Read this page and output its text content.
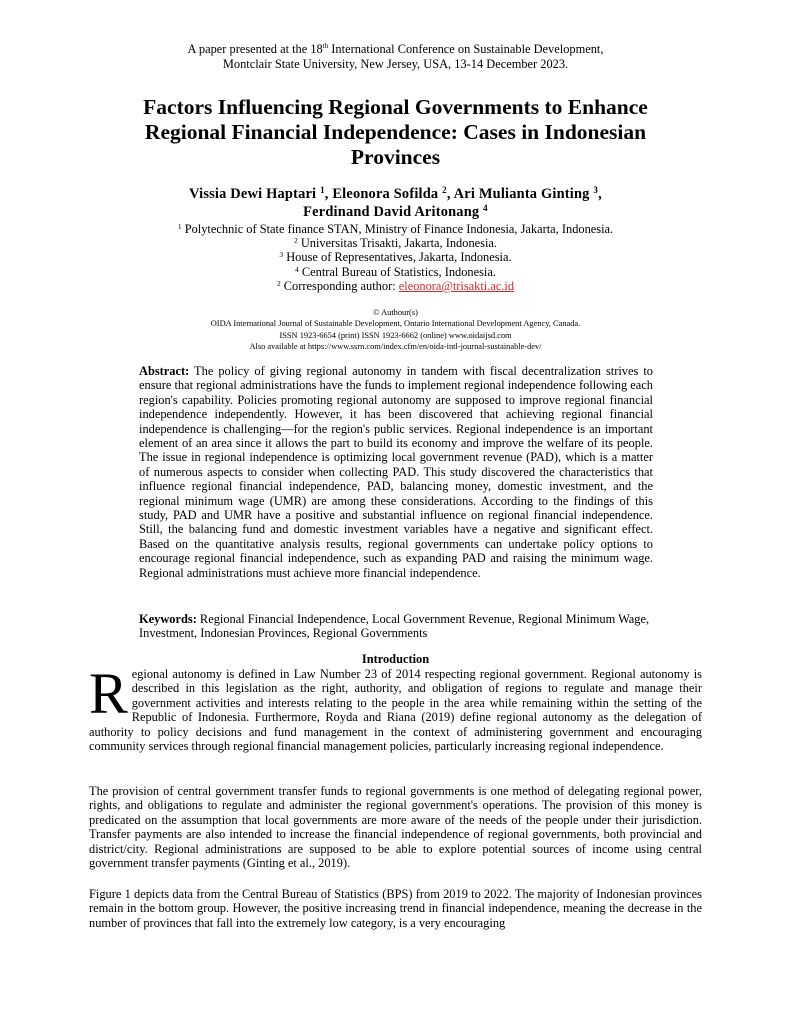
A paper presented at the 18th International Conference on Sustainable Development,
Montclair State University, New Jersey, USA, 13-14 December 2023.
Factors Influencing Regional Governments to Enhance Regional Financial Independence: Cases in Indonesian Provinces
Vissia Dewi Haptari $^1$, Eleonora Sofilda $^2$, Ari Mulianta Ginting $^3$,
Ferdinand David Aritonang $^4$
$^1$ Polytechnic of State finance STAN, Ministry of Finance Indonesia, Jakarta, Indonesia.
$^2$ Universitas Trisakti, Jakarta, Indonesia.
$^3$ House of Representatives, Jakarta, Indonesia.
$^4$ Central Bureau of Statistics, Indonesia.
$^2$ Corresponding author: eleonora@trisakti.ac.id
© Authour(s)
OIDA International Journal of Sustainable Development, Ontario International Development Agency, Canada.
ISSN 1923-6654 (print) ISSN 1923-6662 (online) www.oidaijsd.com
Also available at https://www.ssrn.com/index.cfm/en/oida-intl-journal-sustainable-dev/
Abstract: The policy of giving regional autonomy in tandem with fiscal decentralization strives to ensure that regional administrations have the funds to implement regional independence following each region's capability. Policies promoting regional autonomy are supposed to improve regional financial independence independently. However, it has been discovered that achieving regional financial independence is challenging—for the region's public services. Regional independence is an important element of an area since it allows the part to build its economy and improve the welfare of its people. The issue in regional independence is optimizing local government revenue (PAD), which is a matter of numerous aspects to consider when collecting PAD. This study discovered the characteristics that influence regional financial independence, PAD, balancing money, domestic investment, and the regional minimum wage (UMR) are among these considerations. According to the findings of this study, PAD and UMR have a positive and substantial influence on regional financial independence. Still, the balancing fund and domestic investment variables have a negative and significant effect. Based on the quantitative analysis results, regional governments can undertake policy options to encourage regional financial independence, such as expanding PAD and raising the minimum wage. Regional administrations must achieve more financial independence.
Keywords: Regional Financial Independence, Local Government Revenue, Regional Minimum Wage, Investment, Indonesian Provinces, Regional Governments
Introduction
Regional autonomy is defined in Law Number 23 of 2014 respecting regional government. Regional autonomy is described in this legislation as the right, authority, and obligation of regions to regulate and manage their government activities and interests relating to the people in the area while remaining within the setting of the Republic of Indonesia. Furthermore, Royda and Riana (2019) define regional autonomy as the delegation of authority to policy decisions and fund management in the context of administering government and encouraging community services through regional financial management policies, particularly increasing regional independence.
The provision of central government transfer funds to regional governments is one method of delegating regional power, rights, and obligations to regulate and administer the regional government's operations. The provision of this money is predicated on the assumption that local governments are more aware of the needs of the people under their jurisdiction. Transfer payments are also intended to increase the financial independence of regional governments, both provincial and district/city. Regional administrations are supposed to be able to explore potential sources of income using central government transfer payments (Ginting et al., 2019).
Figure 1 depicts data from the Central Bureau of Statistics (BPS) from 2019 to 2022. The majority of Indonesian provinces remain in the bottom group. However, the positive increasing trend in financial independence, meaning the decrease in the number of provinces that fall into the extremely low category, is a very encouraging
